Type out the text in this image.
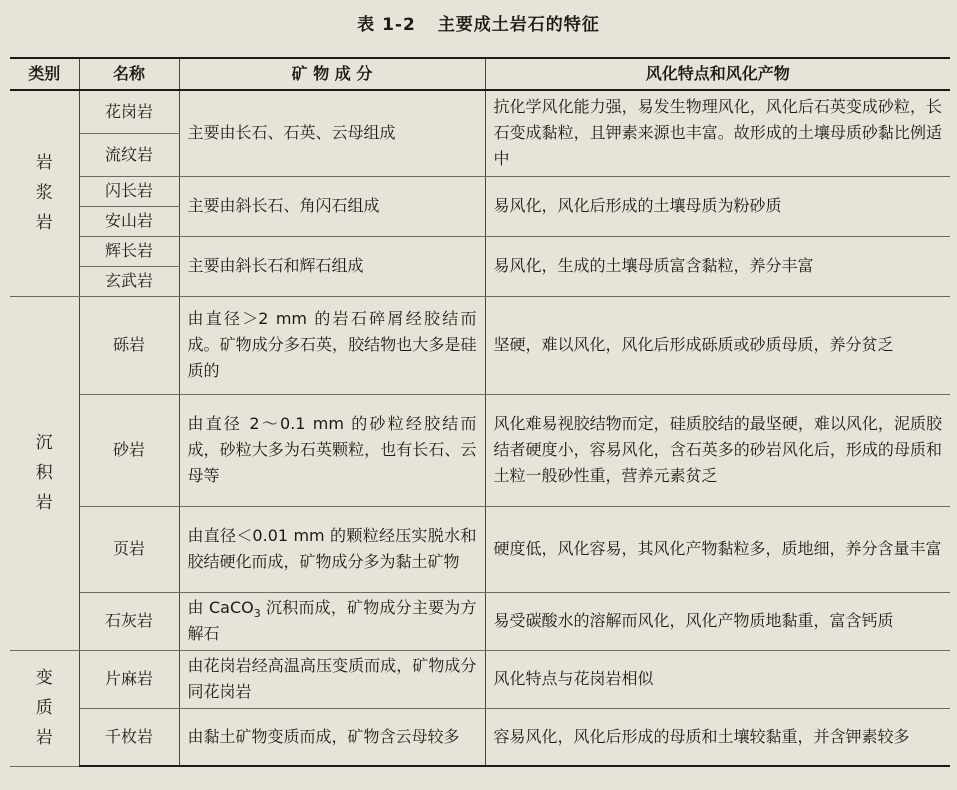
表 1-2 主要成土岩石的特征
类别	名称	矿 物 成 分	风化特点和风化产物
岩浆岩	花岗岩	主要由长石、石英、云母组成	抗化学风化能力强，易发生物理风化，风化后石英变成砂粒，长石变成黏粒，且钾素来源也丰富。故形成的土壤母质砂黏比例适中
	流纹岩		
	闪长岩	主要由斜长石、角闪石组成	易风化，风化后形成的土壤母质为粉砂质
	安山岩		
	辉长岩	主要由斜长石和辉石组成	易风化，生成的土壤母质富含黏粒，养分丰富
	玄武岩		
沉积岩	砾岩	由直径＞2 mm 的岩石碎屑经胶结而成。矿物成分多石英，胶结物也大多是硅质的	坚硬，难以风化，风化后形成砾质或砂质母质，养分贫乏
	砂岩	由直径 2～0.1 mm 的砂粒经胶结而成，砂粒大多为石英颗粒，也有长石、云母等	风化难易视胶结物而定，硅质胶结的最坚硬，难以风化，泥质胶结者硬度小，容易风化，含石英多的砂岩风化后，形成的母质和土粒一般砂性重，营养元素贫乏
	页岩	由直径＜0.01 mm 的颗粒经压实脱水和胶结硬化而成，矿物成分多为黏土矿物	硬度低，风化容易，其风化产物黏粒多，质地细，养分含量丰富
	石灰岩	由 CaCO$_3$ 沉积而成，矿物成分主要为方解石	易受碳酸水的溶解而风化，风化产物质地黏重，富含钙质
变质岩	片麻岩	由花岗岩经高温高压变质而成，矿物成分同花岗岩	风化特点与花岗岩相似
	千枚岩	由黏土矿物变质而成，矿物含云母较多	容易风化，风化后形成的母质和土壤较黏重，并含钾素较多
